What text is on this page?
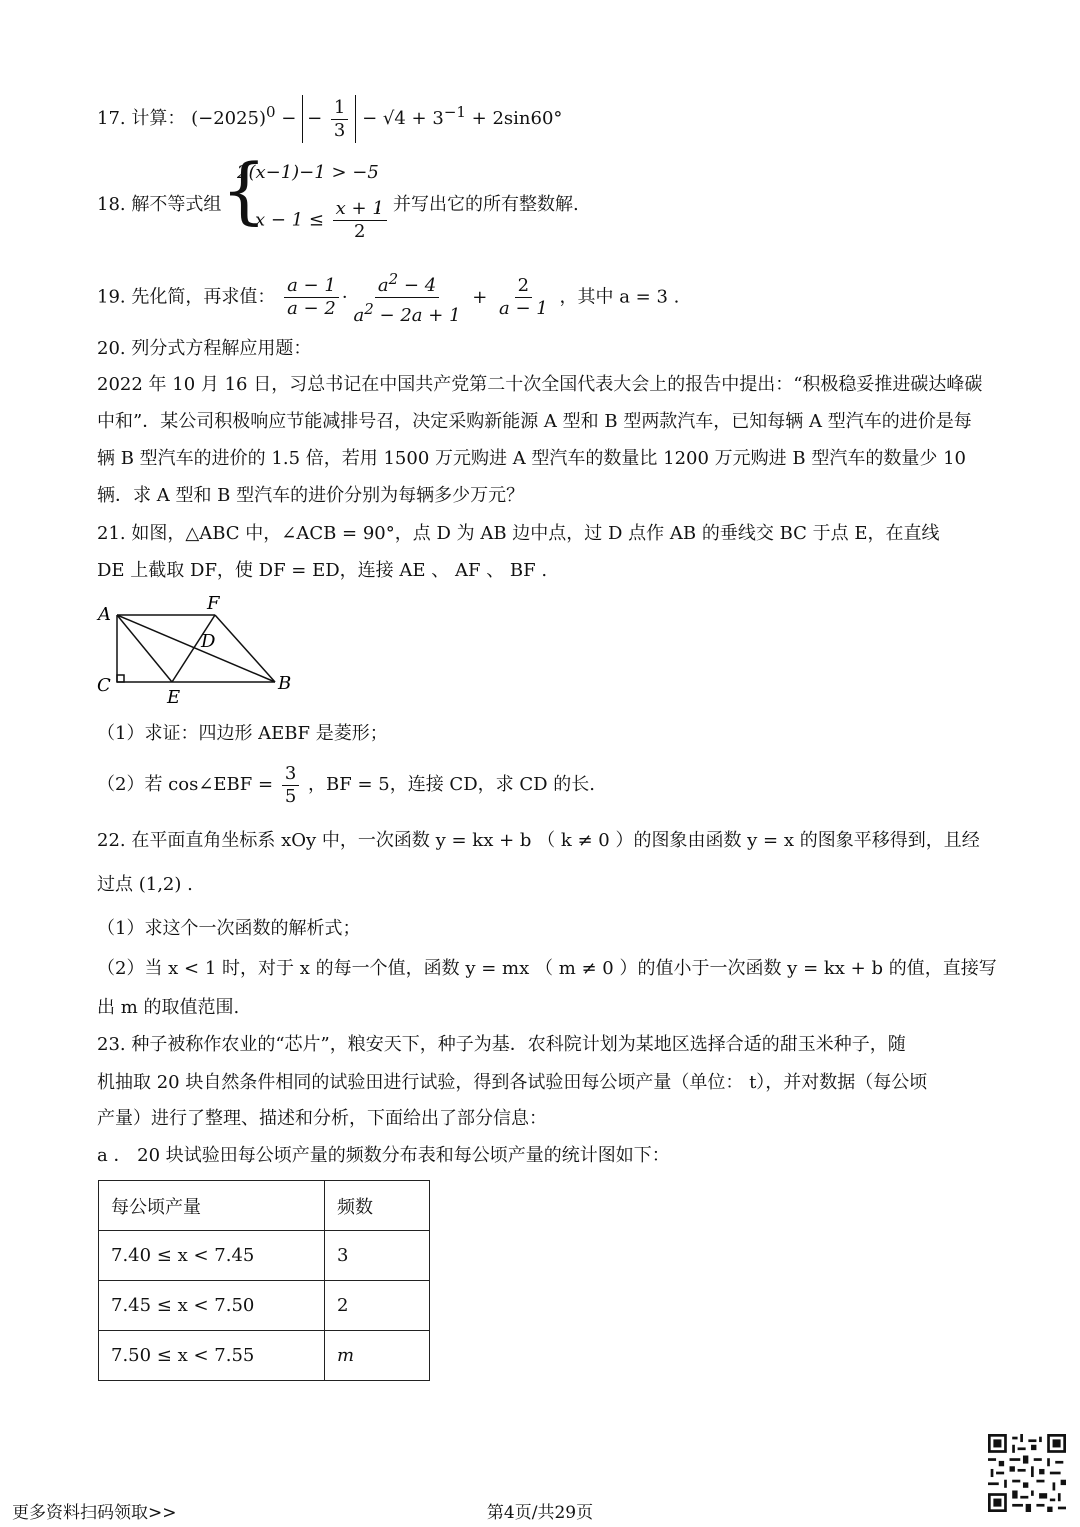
17. 计算： $(-2025)^0$ − − $\frac{1}{3} - √4 + 3^{-1} + 2\sin 60^\circ$
18. 解不等式组 {
2(x−1)−1 > −5
$x - 1 \le \frac{x + 1}{2}$
，并写出它的所有整数解.
19. 先化简，再求值： $\frac{a - 1}{a - 2} \cdot \frac{a^2 - 4}{a^2 - 2a + 1} + \frac{2}{a - 1}$ ，其中 a = 3 .
20. 列分式方程解应用题：
2022 年 10 月 16 日，习总书记在中国共产党第二十次全国代表大会上的报告中提出：“积极稳妥推进碳达峰碳中和”．某公司积极响应节能减排号召，决定采购新能源 A 型和 B 型两款汽车，已知每辆 A 型汽车的进价是每辆 B 型汽车的进价的 1.5 倍，若用 1500 万元购进 A 型汽车的数量比 1200 万元购进 B 型汽车的数量少 10 辆．求 A 型和 B 型汽车的进价分别为每辆多少万元？
21. 如图，△ABC 中，∠ACB = 90°，点 D 为 AB 边中点，过 D 点作 AB 的垂线交 BC 于点 E，在直线
DE 上截取 DF，使 DF = ED，连接 AE 、 AF 、 BF .
A
F
D
C
E
B
（1）求证：四边形 AEBF 是菱形；
（2）若 cos∠EBF = $\frac{3}{5}$ ，BF = 5，连接 CD，求 CD 的长.
22. 在平面直角坐标系 xOy 中，一次函数 y = kx + b （ k ≠ 0 ）的图象由函数 y = x 的图象平移得到，且经
过点 (1,2) .
（1）求这个一次函数的解析式；
（2）当 x < 1 时，对于 x 的每一个值，函数 y = mx （ m ≠ 0 ）的值小于一次函数 y = kx + b 的值，直接写
出 m 的取值范围.
23. 种子被称作农业的“芯片”，粮安天下，种子为基．农科院计划为某地区选择合适的甜玉米种子，随
机抽取 20 块自然条件相同的试验田进行试验，得到各试验田每公顷产量（单位： t），并对数据（每公顷
产量）进行了整理、描述和分析，下面给出了部分信息：
a ． 20 块试验田每公顷产量的频数分布表和每公顷产量的统计图如下：
每公顷产量	频数
7.40 ≤ x < 7.45	3
7.45 ≤ x < 7.50	2
7.50 ≤ x < 7.55	m
更多资料扫码领取>>	第4页/共29页
